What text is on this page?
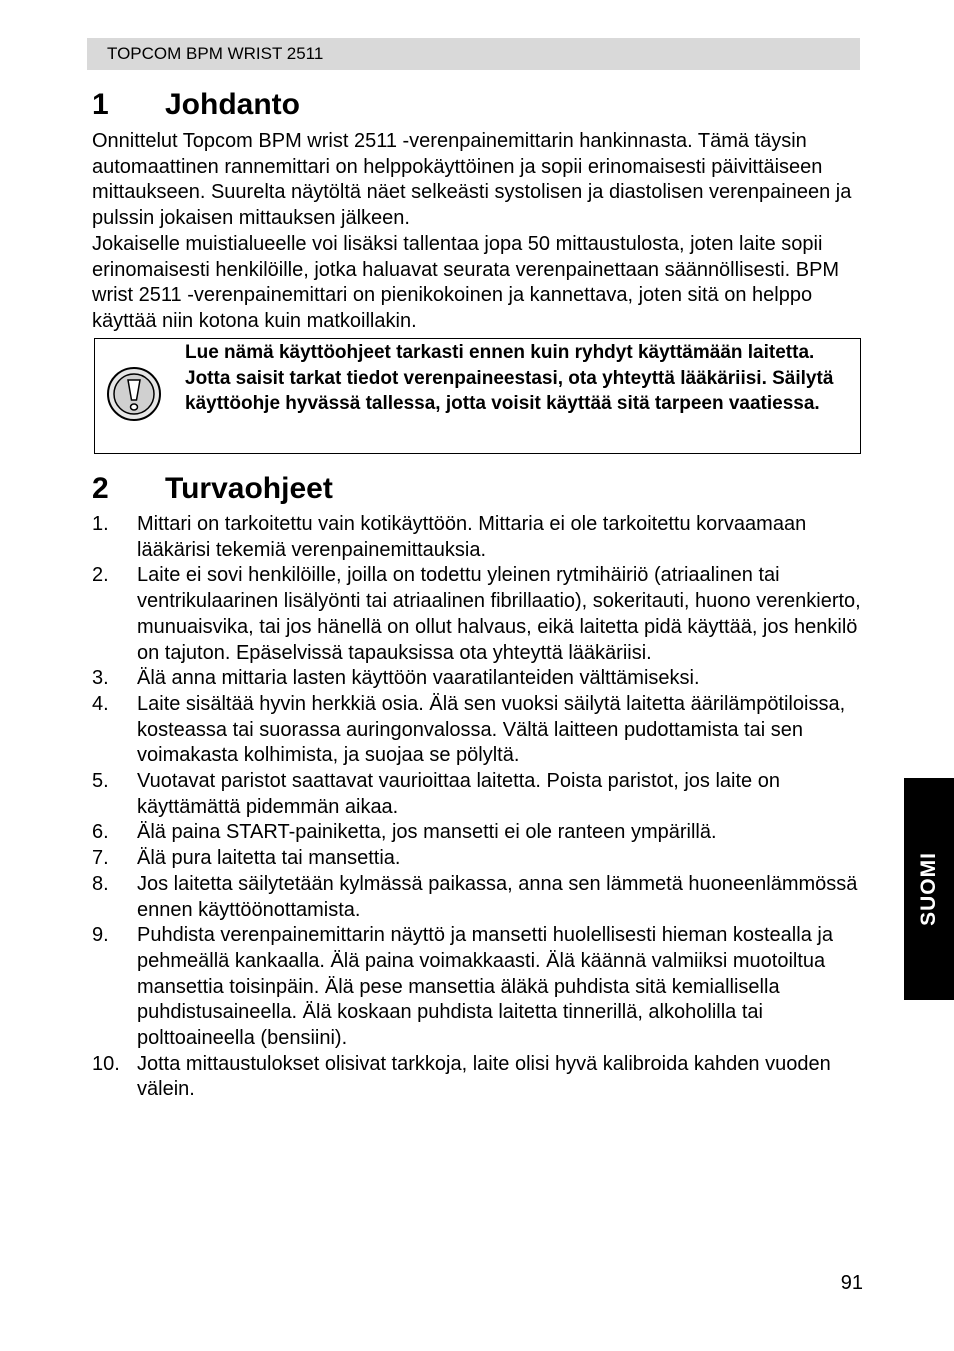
TOPCOM BPM WRIST 2511
1 Johdanto

Onnittelut Topcom BPM wrist 2511 -verenpainemittarin hankinnasta. Tämä täysin automaattinen rannemittari on helppokäyttöinen ja sopii erinomaisesti päivittäiseen mittaukseen. Suurelta näytöltä näet selkeästi systolisen ja diastolisen verenpaineen ja pulssin jokaisen mittauksen jälkeen.
Jokaiselle muistialueelle voi lisäksi tallentaa jopa 50 mittaustulosta, joten laite sopii erinomaisesti henkilöille, jotka haluavat seurata verenpainettaan säännöllisesti. BPM wrist 2511 -verenpainemittari on pienikokoinen ja kannettava, joten sitä on helppo käyttää niin kotona kuin matkoillakin.

Lue nämä käyttöohjeet tarkasti ennen kuin ryhdyt käyttämään laitetta. Jotta saisit tarkat tiedot verenpaineestasi, ota yhteyttä lääkäriisi. Säilytä käyttöohje hyvässä tallessa, jotta voisit käyttää sitä tarpeen vaatiessa.
2 Turvaohjeet
1. Mittari on tarkoitettu vain kotikäyttöön. Mittaria ei ole tarkoitettu korvaamaan lääkärisi tekemiä verenpainemittauksia.
2. Laite ei sovi henkilöille, joilla on todettu yleinen rytmihäiriö (atriaalinen tai ventrikulaarinen lisälyönti tai atriaalinen fibrillaatio), sokeritauti, huono verenkierto, munuaisvika, tai jos hänellä on ollut halvaus, eikä laitetta pidä käyttää, jos henkilö on tajuton. Epäselvissä tapauksissa ota yhteyttä lääkäriisi.
3. Älä anna mittaria lasten käyttöön vaaratilanteiden välttämiseksi.
4. Laite sisältää hyvin herkkiä osia. Älä sen vuoksi säilytä laitetta äärilämpötiloissa, kosteassa tai suorassa auringonvalossa. Vältä laitteen pudottamista tai sen voimakasta kolhimista, ja suojaa se pölyltä.
5. Vuotavat paristot saattavat vaurioittaa laitetta. Poista paristot, jos laite on käyttämättä pidemmän aikaa.
6. Älä paina START-painiketta, jos mansetti ei ole ranteen ympärillä.
7. Älä pura laitetta tai mansettia.
8. Jos laitetta säilytetään kylmässä paikassa, anna sen lämmetä huoneenlämmössä ennen käyttöönottamista.
9. Puhdista verenpainemittarin näyttö ja mansetti huolellisesti hieman kostealla ja pehmeällä kankaalla. Älä paina voimakkaasti. Älä käännä valmiiksi muotoiltua mansettia toisinpäin. Älä pese mansettia äläkä puhdista sitä kemiallisella puhdistusaineella. Älä koskaan puhdista laitetta tinnerillä, alkoholilla tai polttoaineella (bensiini).
10. Jotta mittaustulokset olisivat tarkkoja, laite olisi hyvä kalibroida kahden vuoden välein.
SUOMI
91
